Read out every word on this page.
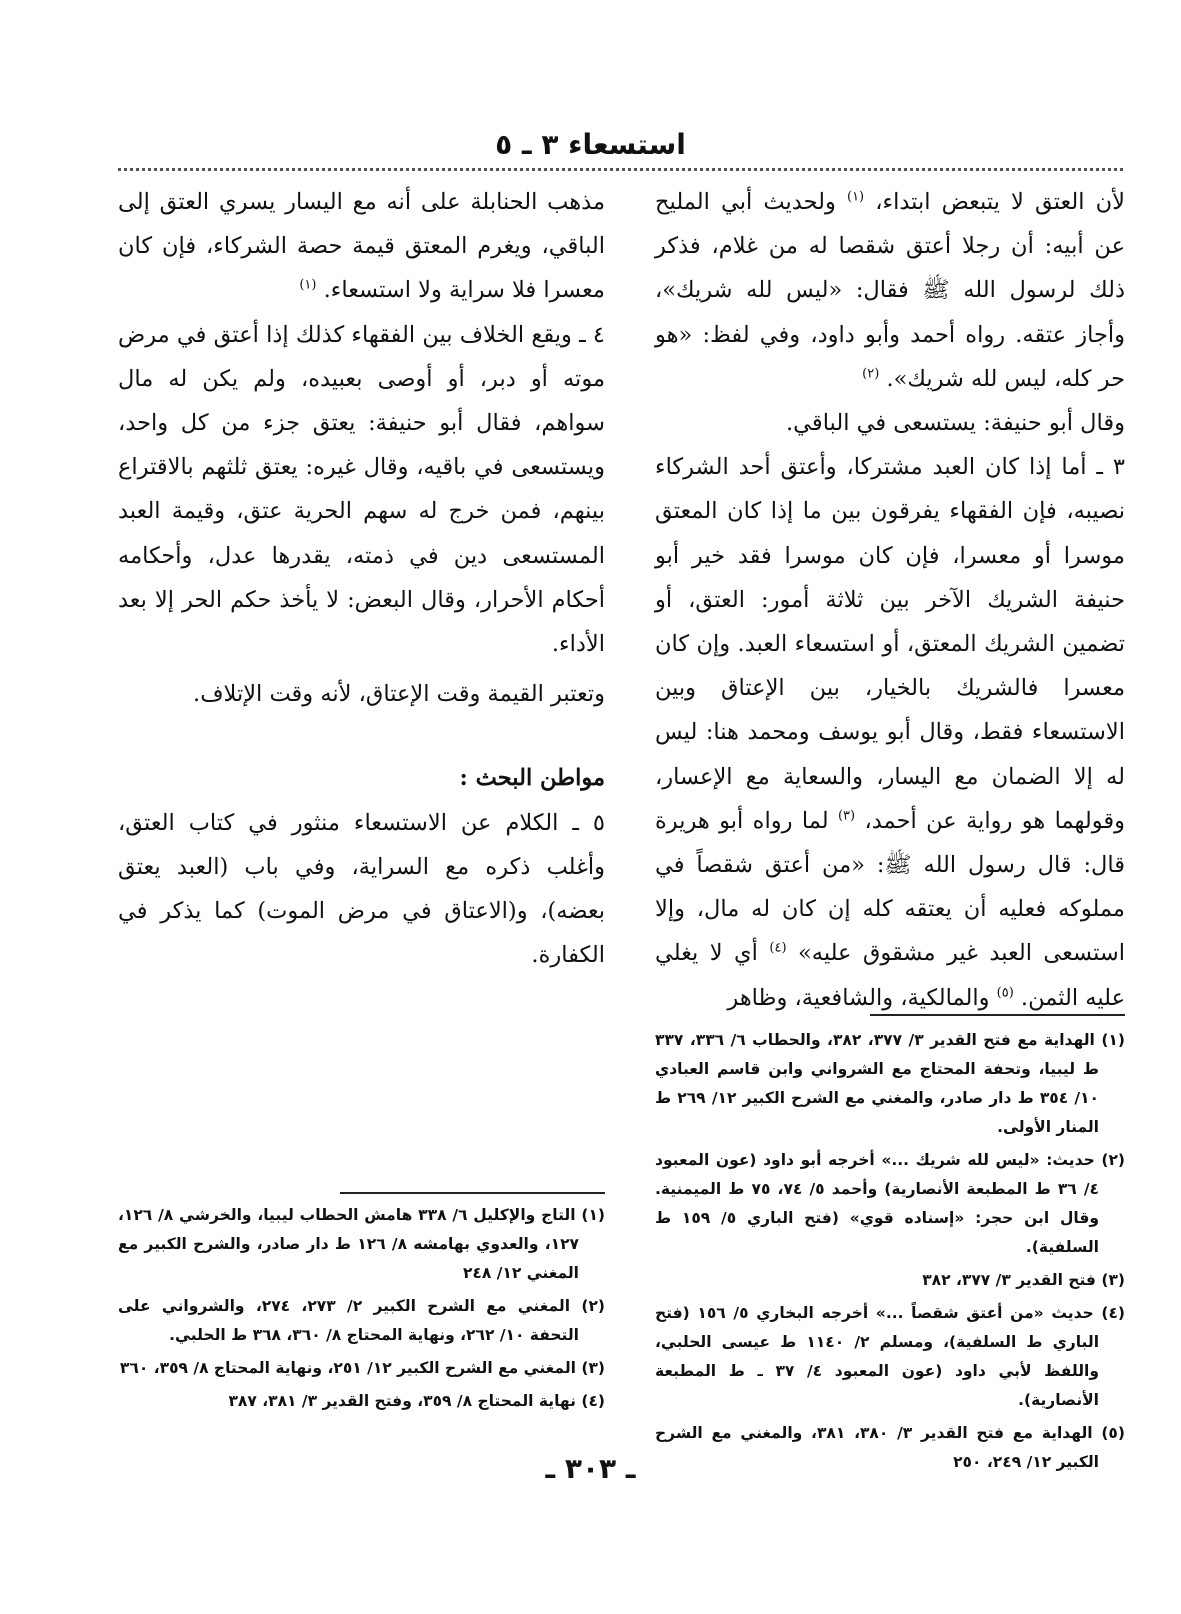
استسعاء ٣ ـ ٥

لأن العتق لا يتبعض ابتداء، $^{(١)}$ ولحديث أبي المليح عن أبيه: أن رجلا أعتق شقصا له من غلام، فذكر ذلك لرسول الله ﷺ فقال: «ليس لله شريك»، وأجاز عتقه. رواه أحمد وأبو داود، وفي لفظ: «هو حر كله، ليس لله شريك». $^{(٢)}$

وقال أبو حنيفة: يستسعى في الباقي.

٣ ـ أما إذا كان العبد مشتركا، وأعتق أحد الشركاء نصيبه، فإن الفقهاء يفرقون بين ما إذا كان المعتق موسرا أو معسرا، فإن كان موسرا فقد خير أبو حنيفة الشريك الآخر بين ثلاثة أمور: العتق، أو تضمين الشريك المعتق، أو استسعاء العبد. وإن كان معسرا فالشريك بالخيار، بين الإعتاق وبين الاستسعاء فقط، وقال أبو يوسف ومحمد هنا: ليس له إلا الضمان مع اليسار، والسعاية مع الإعسار، وقولهما هو رواية عن أحمد، $^{(٣)}$ لما رواه أبو هريرة قال: قال رسول الله ﷺ: «من أعتق شقصاً في مملوكه فعليه أن يعتقه كله إن كان له مال، وإلا استسعى العبد غير مشقوق عليه» $^{(٤)}$ أي لا يغلي عليه الثمن. $^{(٥)}$ والمالكية، والشافعية، وظاهر

مذهب الحنابلة على أنه مع اليسار يسري العتق إلى الباقي، ويغرم المعتق قيمة حصة الشركاء، فإن كان معسرا فلا سراية ولا استسعاء. $^{(١)}$

٤ ـ ويقع الخلاف بين الفقهاء كذلك إذا أعتق في مرض موته أو دبر، أو أوصى بعبيده، ولم يكن له مال سواهم، فقال أبو حنيفة: يعتق جزء من كل واحد، ويستسعى في باقيه، وقال غيره: يعتق ثلثهم بالاقتراع بينهم، فمن خرج له سهم الحرية عتق، وقيمة العبد المستسعى دين في ذمته، يقدرها عدل، وأحكامه أحكام الأحرار، وقال البعض: لا يأخذ حكم الحر إلا بعد الأداء.

وتعتبر القيمة وقت الإعتاق، لأنه وقت الإتلاف.

مواطن البحث :

٥ ـ الكلام عن الاستسعاء منثور في كتاب العتق، وأغلب ذكره مع السراية، وفي باب (العبد يعتق بعضه)، و(الاعتاق في مرض الموت) كما يذكر في الكفارة.

(١) الهداية مع فتح القدير ٣/ ٣٧٧، ٣٨٢، والحطاب ٦/ ٣٣٦، ٣٣٧ ط ليبيا، وتحفة المحتاج مع الشرواني وابن قاسم العبادي ١٠/ ٣٥٤ ط دار صادر، والمغني مع الشرح الكبير ١٢/ ٢٦٩ ط المنار الأولى.

(٢) حديث: «ليس لله شريك ...» أخرجه أبو داود (عون المعبود ٤/ ٣٦ ط المطبعة الأنصارية) وأحمد ٥/ ٧٤، ٧٥ ط الميمنية. وقال ابن حجر: «إسناده قوي» (فتح الباري ٥/ ١٥٩ ط السلفية).

(٣) فتح القدير ٣/ ٣٧٧، ٣٨٢

(٤) حديث «من أعتق شقصاً ...» أخرجه البخاري ٥/ ١٥٦ (فتح الباري ط السلفية)، ومسلم ٢/ ١١٤٠ ط عيسى الحلبي، واللفظ لأبي داود (عون المعبود ٤/ ٣٧ ـ ط المطبعة الأنصارية).

(٥) الهداية مع فتح القدير ٣/ ٣٨٠، ٣٨١، والمغني مع الشرح الكبير ١٢/ ٢٤٩، ٢٥٠

(١) التاج والإكليل ٦/ ٣٣٨ هامش الحطاب ليبيا، والخرشي ٨/ ١٢٦، ١٢٧، والعدوي بهامشه ٨/ ١٢٦ ط دار صادر، والشرح الكبير مع المغني ١٢/ ٢٤٨

(٢) المغني مع الشرح الكبير ٢/ ٢٧٣، ٢٧٤، والشرواني على التحفة ١٠/ ٢٦٢، ونهاية المحتاج ٨/ ٣٦٠، ٣٦٨ ط الحلبي.

(٣) المغني مع الشرح الكبير ١٢/ ٢٥١، ونهاية المحتاج ٨/ ٣٥٩، ٣٦٠

(٤) نهاية المحتاج ٨/ ٣٥٩، وفتح القدير ٣/ ٣٨١، ٣٨٧

ـ ٣٠٣ ـ
